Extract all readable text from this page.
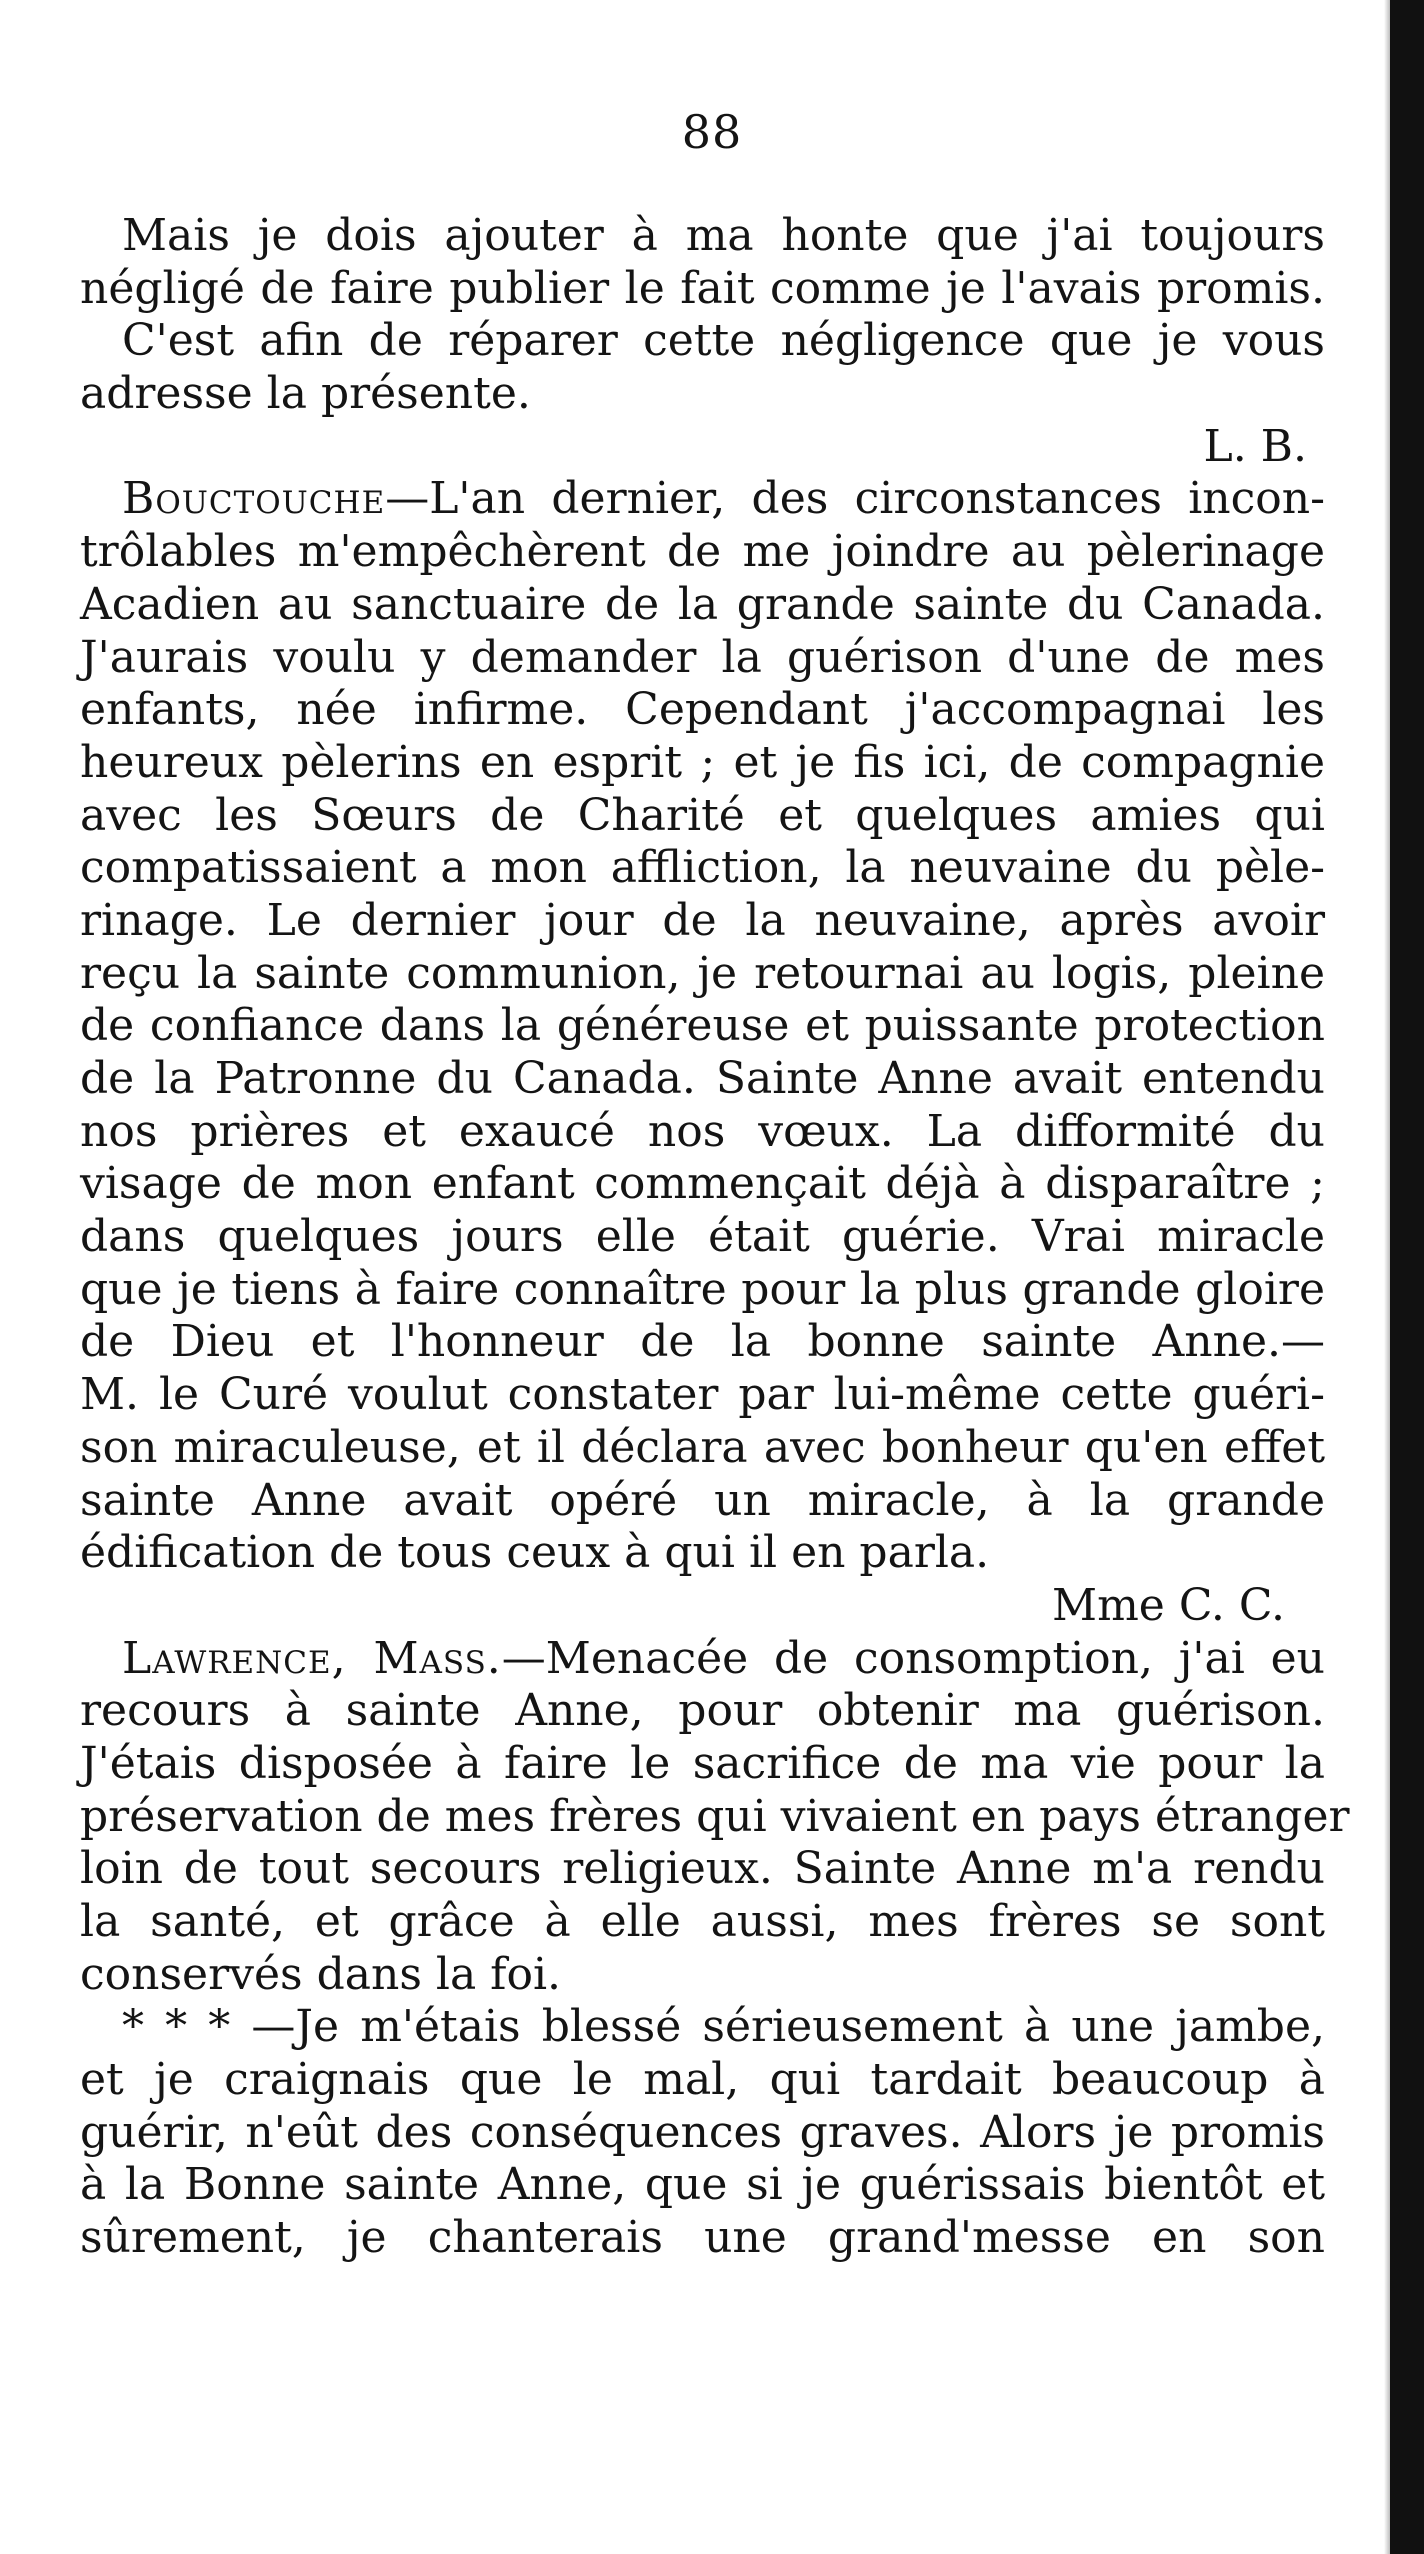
88
Mais je dois ajouter à ma honte que j'ai toujours
négligé de faire publier le fait comme je l'avais promis.
C'est afin de réparer cette négligence que je vous
adresse la présente.
L. B.
Bouctouche—L'an dernier, des circonstances incon-
trôlables m'empêchèrent de me joindre au pèlerinage
Acadien au sanctuaire de la grande sainte du Canada.
J'aurais voulu y demander la guérison d'une de mes
enfants, née infirme. Cependant j'accompagnai les
heureux pèlerins en esprit ; et je fis ici, de compagnie
avec les Sœurs de Charité et quelques amies qui
compatissaient a mon affliction, la neuvaine du pèle-
rinage. Le dernier jour de la neuvaine, après avoir
reçu la sainte communion, je retournai au logis, pleine
de confiance dans la généreuse et puissante protection
de la Patronne du Canada. Sainte Anne avait entendu
nos prières et exaucé nos vœux. La difformité du
visage de mon enfant commençait déjà à disparaître ;
dans quelques jours elle était guérie. Vrai miracle
que je tiens à faire connaître pour la plus grande gloire
de Dieu et l'honneur de la bonne sainte Anne.—
M. le Curé voulut constater par lui-même cette guéri-
son miraculeuse, et il déclara avec bonheur qu'en effet
sainte Anne avait opéré un miracle, à la grande
édification de tous ceux à qui il en parla.
Mme C. C.
Lawrence, Mass.—Menacée de consomption, j'ai eu
recours à sainte Anne, pour obtenir ma guérison.
J'étais disposée à faire le sacrifice de ma vie pour la
préservation de mes frères qui vivaient en pays étranger
loin de tout secours religieux. Sainte Anne m'a rendu
la santé, et grâce à elle aussi, mes frères se sont
conservés dans la foi.
* * * —Je m'étais blessé sérieusement à une jambe,
et je craignais que le mal, qui tardait beaucoup à
guérir, n'eût des conséquences graves. Alors je promis
à la Bonne sainte Anne, que si je guérissais bientôt et
sûrement, je chanterais une grand'messe en son
